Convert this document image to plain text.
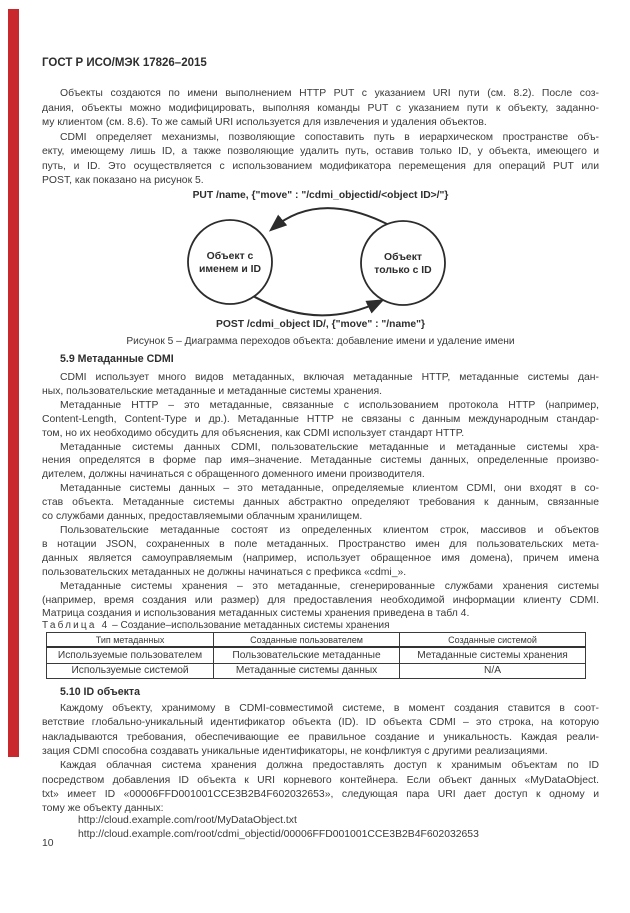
ГОСТ Р ИСО/МЭК 17826–2015
Объекты создаются по имени выполнением HTTP PUT с указанием URI пути (см. 8.2). После соз-
дания, объекты можно модифицировать, выполняя команды PUT с указанием пути к объекту, заданно-
му клиентом (см. 8.6). То же самый URI используется для извлечения и удаления объектов.
CDMI определяет механизмы, позволяющие сопоставить путь в иерархическом пространстве объ-
екту, имеющему лишь ID, а также позволяющие удалить путь, оставив только ID, у объекта, имеющего и
путь, и ID. Это осуществляется с использованием модификатора перемещения для операций PUT или
POST, как показано на рисунок 5.
PUT /name, {"move" : "/cdmi_objectid/<object ID>/"}
Объект с
именем и ID
Объект
только с ID
POST /cdmi_object ID/, {"move" : "/name"}
Рисунок 5 – Диаграмма переходов объекта: добавление имени и удаление имени
5.9 Метаданные CDMI
CDMI использует много видов метаданных, включая метаданные HTTP, метаданные системы дан-
ных, пользовательские метаданные и метаданные системы хранения.
Метаданные HTTP – это метаданные, связанные с использованием протокола HTTP (например,
Content-Length, Content-Type и др.). Метаданные HTTP не связаны с данным международным стандар-
том, но их необходимо обсудить для объяснения, как CDMI использует стандарт HTTP.
Метаданные системы данных CDMI, пользовательские метаданные и метаданные системы хра-
нения определятся в форме пар имя–значение. Метаданные системы данных, определенные произво-
дителем, должны начинаться с обращенного доменного имени производителя.
Метаданные системы данных – это метаданные, определяемые клиентом CDMI, они входят в со-
став объекта. Метаданные системы данных абстрактно определяют требования к данным, связанные
со службами данных, предоставляемыми облачным хранилищем.
Пользовательские метаданные состоят из определенных клиентом строк, массивов и объектов
в нотации JSON, сохраненных в поле метаданных. Пространство имен для пользовательских мета-
данных является самоуправляемым (например, использует обращенное имя домена), причем имена
пользовательских метаданных не должны начинаться с префикса «cdmi_».
Метаданные системы хранения – это метаданные, сгенерированные службами хранения системы
(например, время создания или размер) для предоставления необходимой информации клиенту CDMI.
Матрица создания и использования метаданных системы хранения приведена в табл 4.
Таблица 4 – Создание–использование метаданных системы хранения
Тип метаданных	Созданные пользователем	Созданные системой
Используемые пользователем	Пользовательские метаданные	Метаданные системы хранения
Используемые системой	Метаданные системы данных	N/A
5.10 ID объекта
Каждому объекту, хранимому в CDMI-совместимой системе, в момент создания ставится в соот-
ветствие глобально-уникальный идентификатор объекта (ID). ID объекта CDMI – это строка, на которую
накладываются требования, обеспечивающие ее правильное создание и уникальность. Каждая реали-
зация CDMI способна создавать уникальные идентификаторы, не конфликтуя с другими реализациями.
Каждая облачная система хранения должна предоставлять доступ к хранимым объектам по ID
посредством добавления ID объекта к URI корневого контейнера. Если объект данных «MyDataObject.
txt» имеет ID «00006FFD001001CCE3B2B4F602032653», следующая пара URI дает доступ к одному и
тому же объекту данных:
http://cloud.example.com/root/MyDataObject.txt
http://cloud.example.com/root/cdmi_objectid/00006FFD001001CCE3B2B4F602032653
10
